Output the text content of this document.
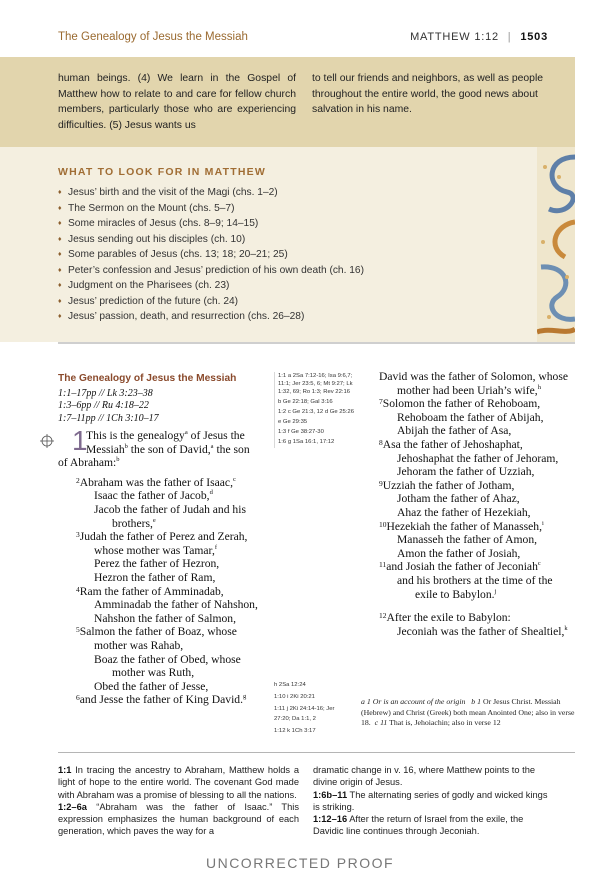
The Genealogy of Jesus the Messiah	MATTHEW 1:12 | 1503
human beings. (4) We learn in the Gospel of Matthew how to relate to and care for fellow church members, particularly those who are experiencing difficulties. (5) Jesus wants us
to tell our friends and neighbors, as well as people throughout the entire world, the good news about salvation in his name.
WHAT TO LOOK FOR IN MATTHEW
♦ Jesus’ birth and the visit of the Magi (chs. 1–2)
♦ The Sermon on the Mount (chs. 5–7)
♦ Some miracles of Jesus (chs. 8–9; 14–15)
♦ Jesus sending out his disciples (ch. 10)
♦ Some parables of Jesus (chs. 13; 18; 20–21; 25)
♦ Peter’s confession and Jesus’ prediction of his own death (ch. 16)
♦ Judgment on the Pharisees (ch. 23)
♦ Jesus’ prediction of the future (ch. 24)
♦ Jesus’ passion, death, and resurrection (chs. 26–28)
The Genealogy of Jesus the Messiah
1:1–17pp // Lk 3:23–38
1:3–6pp // Ru 4:18–22
1:7–11pp // 1Ch 3:10–17
1
This is the genealogy$^a$ of Jesus the
Messiah$^b$ the son of David,$^a$ the son
of Abraham:$^b$

$^2$Abraham was the father of Isaac,$^c$

Isaac the father of Jacob,$^d$

Jacob the father of Judah and his brothers,$^e$

$^3$Judah the father of Perez and Zerah, whose mother was Tamar,$^f$

Perez the father of Hezron,

Hezron the father of Ram,

$^4$Ram the father of Amminadab,

Amminadab the father of Nahshon,

Nahshon the father of Salmon,

$^5$Salmon the father of Boaz, whose mother was Rahab,

Boaz the father of Obed, whose mother was Ruth,

Obed the father of Jesse,

$^6$and Jesse the father of King David.$^g$

1:1 a 2Sa 7:12-16; Isa 9:6,7; 11:1; Jer 23:5, 6; Mt 9:27; Lk 1:32, 69; Ro 1:3; Rev 22:16
b Ge 22:18; Gal 3:16
1:2 c Ge 21:3, 12 d Ge 25:26
e Ge 29:35
1:3 f Ge 38:27-30
1:6 g 1Sa 16:1, 17:12
h 2Sa 12:24
1:10 i 2Ki 20:21
1:11 j 2Ki 24:14-16; Jer 27:20; Da 1:1, 2
1:12 k 1Ch 3:17

David was the father of Solomon, whose mother had been Uriah’s wife,$^h$

$^7$Solomon the father of Rehoboam,

Rehoboam the father of Abijah,

Abijah the father of Asa,

$^8$Asa the father of Jehoshaphat,

Jehoshaphat the father of Jehoram,

Jehoram the father of Uzziah,

$^9$Uzziah the father of Jotham,

Jotham the father of Ahaz,

Ahaz the father of Hezekiah,

$^{10}$Hezekiah the father of Manasseh,$^i$

Manasseh the father of Amon,

Amon the father of Josiah,

$^{11}$and Josiah the father of Jeconiah$^c$

and his brothers at the time of the exile to Babylon.$^j$

$^{12}$After the exile to Babylon:

Jeconiah was the father of Shealtiel,$^k$

a 1 Or is an account of the origin b 1 Or Jesus Christ. Messiah (Hebrew) and Christ (Greek) both mean Anointed One; also in verse 18. c 11 That is, Jehoiachin; also in verse 12
1:1 In tracing the ancestry to Abraham, Matthew holds a light of hope to the entire world. The covenant God made with Abraham was a promise of blessing to all the nations.
1:2–6a “Abraham was the father of Isaac.” This expression emphasizes the human background of each generation, which paves the way for a
dramatic change in v. 16, where Matthew points to the divine origin of Jesus.
1:6b–11 The alternating series of godly and wicked kings is striking.
1:12–16 After the return of Israel from the exile, the Davidic line continues through Jeconiah.
UNCORRECTED PROOF
